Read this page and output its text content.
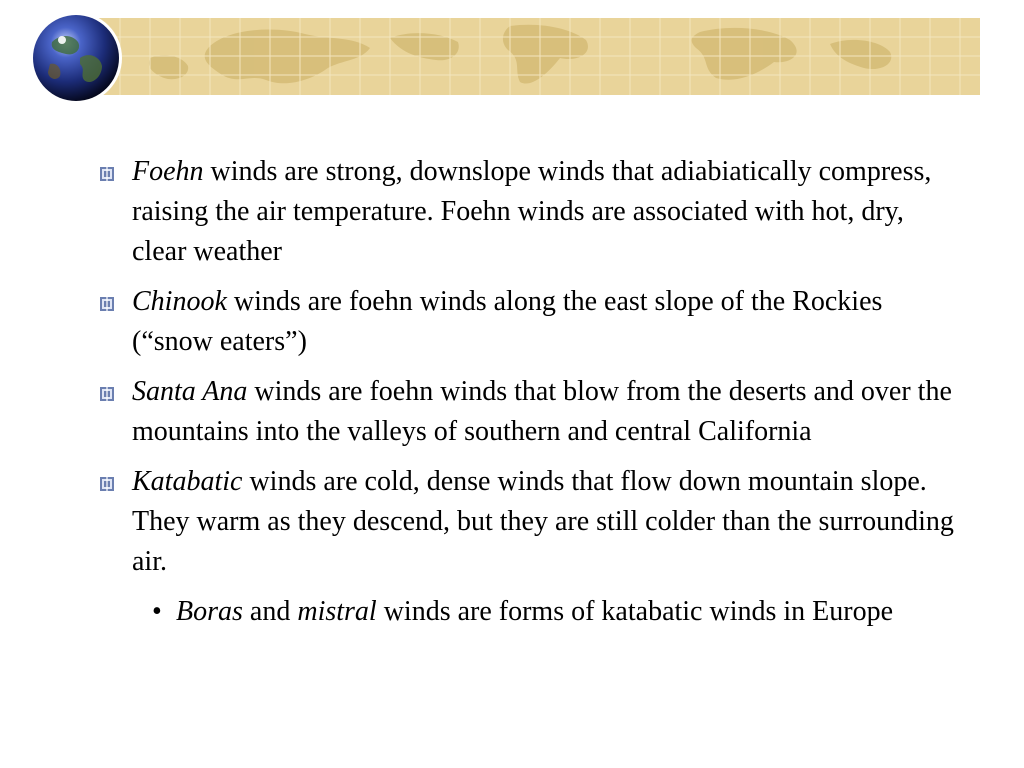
Foehn winds are strong, downslope winds that adiabiatically compress, raising the air temperature. Foehn winds are associated with hot, dry, clear weather
Chinook winds are foehn winds along the east slope of the Rockies (“snow eaters”)
Santa Ana winds are foehn winds that blow from the deserts and over the mountains into the valleys of southern and central California
Katabatic winds are cold, dense winds that flow down mountain slope. They warm as they descend, but they are still colder than the surrounding air.
• Boras and mistral winds are forms of katabatic winds in Europe
